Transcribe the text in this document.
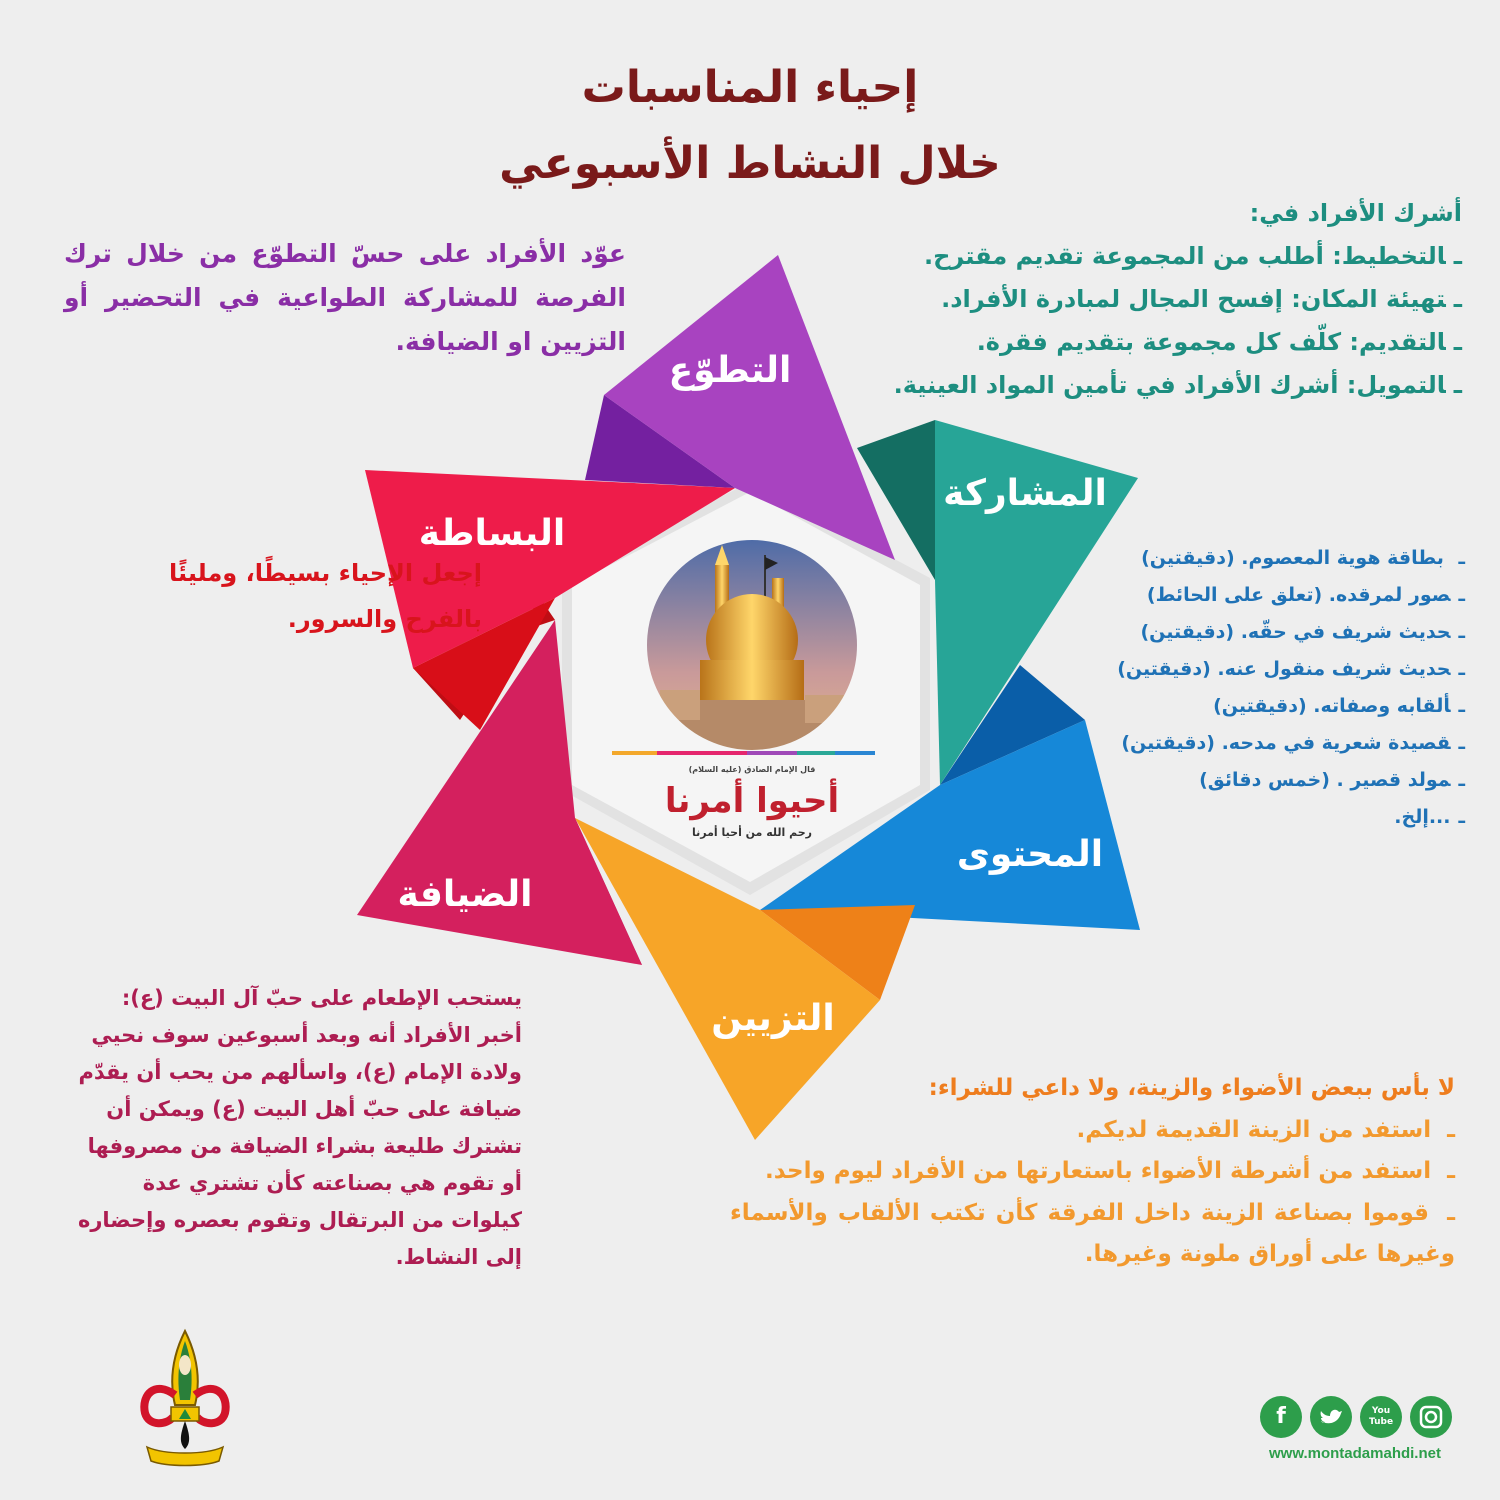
إحياء المناسبات
خلال النشاط الأسبوعي
التطوّع
المشاركة
المحتوى
التزيين
الضيافة
البساطة
قال الإمام الصادق (عليه السلام)
أحيوا أمرنا
رحم الله من أحيا أمرنا
أشرك الأفراد في:
ـالتخطيط: أطلب من المجموعة تقديم مقترح.
ـتهيئة المكان: إفسح المجال لمبادرة الأفراد.
ـالتقديم: كلّف كل مجموعة بتقديم فقرة.
ـالتمويل: أشرك الأفراد في تأمين المواد العينية.
عوّد الأفراد على حسّ التطوّع من خلال ترك الفرصة للمشاركة الطواعية في التحضير أو التزيين او الضيافة.
إجعل الإحياء بسيطًا، ومليئًا
بالفرح والسرور.
ـ بطاقة هوية المعصوم. (دقيقتين)
ـصور لمرقده. (تعلق على الحائط)
ـحديث شريف في حقّه. (دقيقتين)
ـحديث شريف منقول عنه. (دقيقتين)
ـألقابه وصفاته. (دقيقتين)
ـقصيدة شعرية في مدحه. (دقيقتين)
ـمولد قصير . (خمس دقائق)
ـ...إلخ.
يستحب الإطعام على حبّ آل البيت (ع):
أخبر الأفراد أنه وبعد أسبوعين سوف نحيي
ولادة الإمام (ع)، واسألهم من يحب أن يقدّم
ضيافة على حبّ أهل البيت (ع) ويمكن أن
تشترك طليعة بشراء الضيافة من مصروفها
أو تقوم هي بصناعته كأن تشتري عدة
كيلوات من البرتقال وتقوم بعصره وإحضاره
إلى النشاط.
لا بأس ببعض الأضواء والزينة، ولا داعي للشراء:
ـ استفد من الزينة القديمة لديكم.
ـ استفد من أشرطة الأضواء باستعارتها من الأفراد ليوم واحد.
ـ قوموا بصناعة الزينة داخل الفرقة كأن تكتب الألقاب والأسماء وغيرها على أوراق ملونة وغيرها.
f	You Tube
www.montadamahdi.net
